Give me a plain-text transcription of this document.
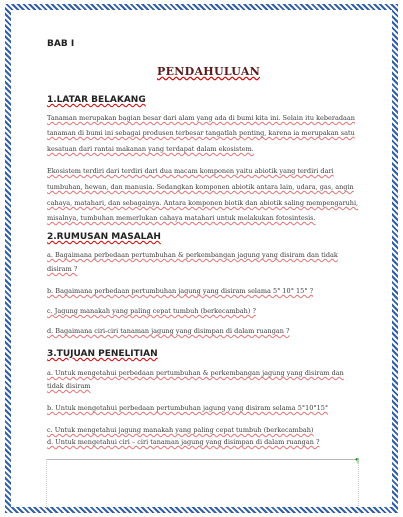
BAB I
PENDAHULUAN
1.LATAR BELAKANG
Tanaman merupakan bagian besar dari alam yang ada di bumi kita ini. Selain itu keberadaan
tanaman di bumi ini sebagai produsen terbesar tangatlah penting, karena ia merupakan satu
kesatuan dari rantai makanan yang terdapat dalam ekosistem.
Ekosistem terdiri dari terdiri dari dua macam komponen yaitu abiotik yang terdiri dari
tumbuhan, hewan, dan manusia. Sedangkan komponen abiotik antara lain, udara, gas, angin
cahaya, matahari, dan sebagainya. Antara komponen biotik dan abiotik saling mempengaruhi,
misalnya, tumbuhan memerlukan cahaya matahari untuk melakukan fotosintesis.
2.RUMUSAN MASALAH
a. Bagaimana perbedaan pertumbuhan & perkembangan jagung yang disiram dan tidak
disiram ?
b. Bagaimana perbedaan pertumbuhan jagung yang disiram selama 5° 10° 15° ?
c. Jagung manakah yang paling cepat tumbuh (berkecambah) ?
d. Bagaimana ciri-ciri tanaman jagung yang disimpan di dalam ruangan ?
3.TUJUAN PENELITIAN
a. Untuk mengetahui perbedaan pertumbuhan & perkembangan jagung yang disiram dan
tidak disiram
b. Untuk mengetahui perbedaan pertumbuhan jagung yang disiram selama 5°10°15°
c. Untuk mengetahui jagung manakah yang paling cepat tumbuh (berkecambah)
d. Untuk mengetahui ciri – ciri tanaman jagung yang disimpan di dalam ruangan ?
¶
